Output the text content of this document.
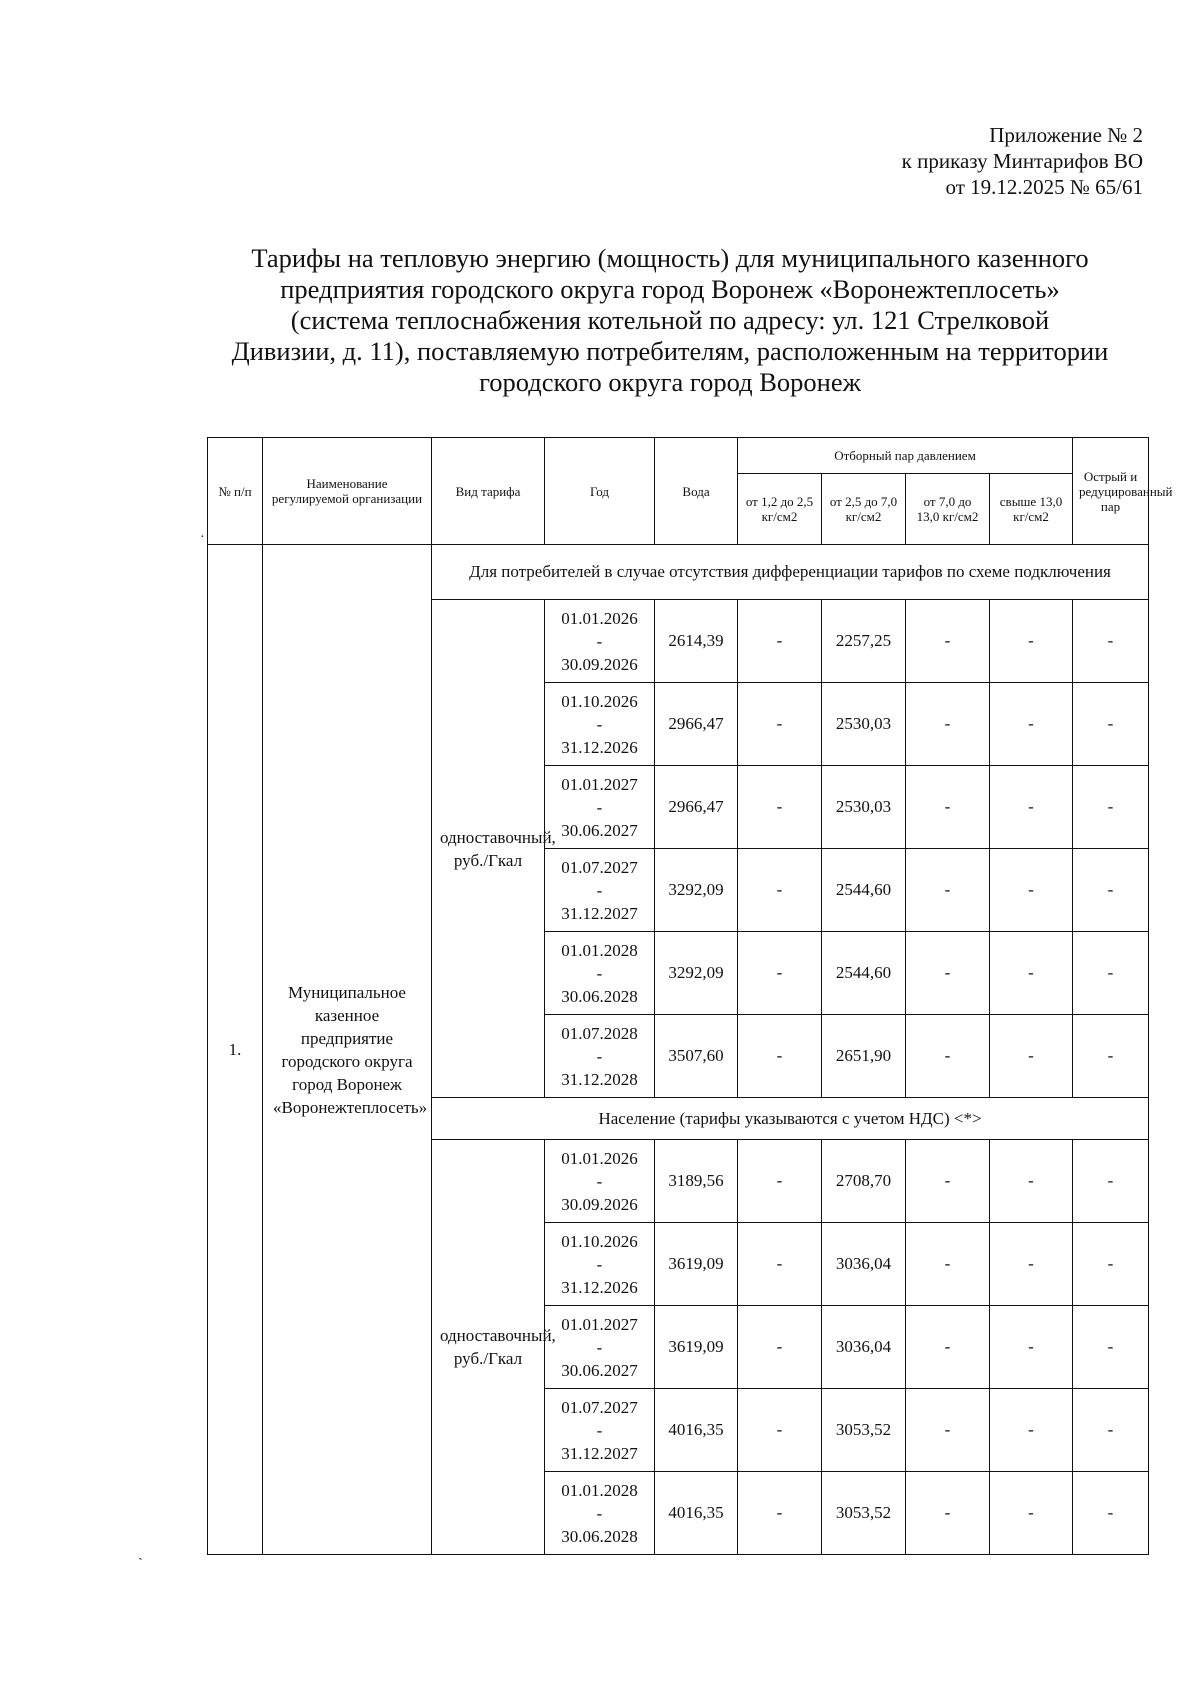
Приложение № 2
к приказу Минтарифов ВО
от 19.12.2025 № 65/61
Тарифы на тепловую энергию (мощность) для муниципального казенного
предприятия городского округа город Воронеж «Воронежтеплосеть»
(система теплоснабжения котельной по адресу: ул. 121 Стрелковой
Дивизии, д. 11), поставляемую потребителям, расположенным на территории
городского округа город Воронеж
№ п/п	Наименование регулируемой организации	Вид тарифа	Год	Вода	Отборный пар давлением				Острый и редуцированный пар
					от 1,2 до 2,5 кг/см2	от 2,5 до 7,0 кг/см2	от 7,0 до 13,0 кг/см2	свыше 13,0 кг/см2	
1.	Муниципальное казенное предприятие городского округа город Воронеж «Воронежтеплосеть»	Для потребителей в случае отсутствия дифференциации тарифов по схеме подключения							
		одноставочный, руб./Гкал	01.01.2026
-
30.09.2026	2614,39	-	2257,25	-	-	-

			01.10.2026
-
31.12.2026	2966,47	-	2530,03	-	-	-

			01.01.2027
-
30.06.2027	2966,47	-	2530,03	-	-	-

			01.07.2027
-
31.12.2027	3292,09	-	2544,60	-	-	-

			01.01.2028
-
30.06.2028	3292,09	-	2544,60	-	-	-

			01.07.2028
-
31.12.2028	3507,60	-	2651,90	-	-	-
		Население (тарифы указываются с учетом НДС) <*>							
		одноставочный, руб./Гкал	01.01.2026
-
30.09.2026	3189,56	-	2708,70	-	-	-

			01.10.2026
-
31.12.2026	3619,09	-	3036,04	-	-	-

			01.01.2027
-
30.06.2027	3619,09	-	3036,04	-	-	-

			01.07.2027
-
31.12.2027	4016,35	-	3053,52	-	-	-

			01.01.2028
-
30.06.2028	4016,35	-	3053,52	-	-	-
·
ˏ
